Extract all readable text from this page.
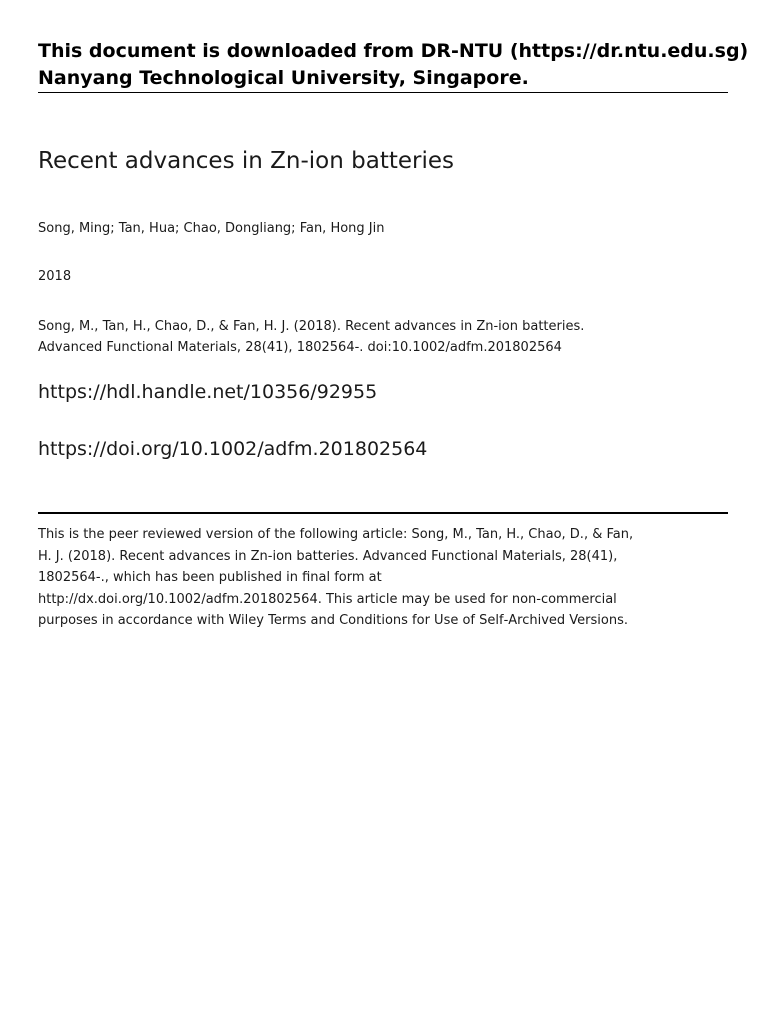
This document is downloaded from DR‑NTU (https://dr.ntu.edu.sg)
Nanyang Technological University, Singapore.
Recent advances in Zn‑ion batteries
Song, Ming; Tan, Hua; Chao, Dongliang; Fan, Hong Jin
2018
Song, M., Tan, H., Chao, D., & Fan, H. J. (2018). Recent advances in Zn‑ion batteries.
Advanced Functional Materials, 28(41), 1802564‑. doi:10.1002/adfm.201802564
https://hdl.handle.net/10356/92955
https://doi.org/10.1002/adfm.201802564
This is the peer reviewed version of the following article: Song, M., Tan, H., Chao, D., & Fan,
H. J. (2018). Recent advances in Zn‑ion batteries. Advanced Functional Materials, 28(41),
1802564‑., which has been published in final form at
http://dx.doi.org/10.1002/adfm.201802564. This article may be used for non‑commercial
purposes in accordance with Wiley Terms and Conditions for Use of Self‑Archived Versions.
